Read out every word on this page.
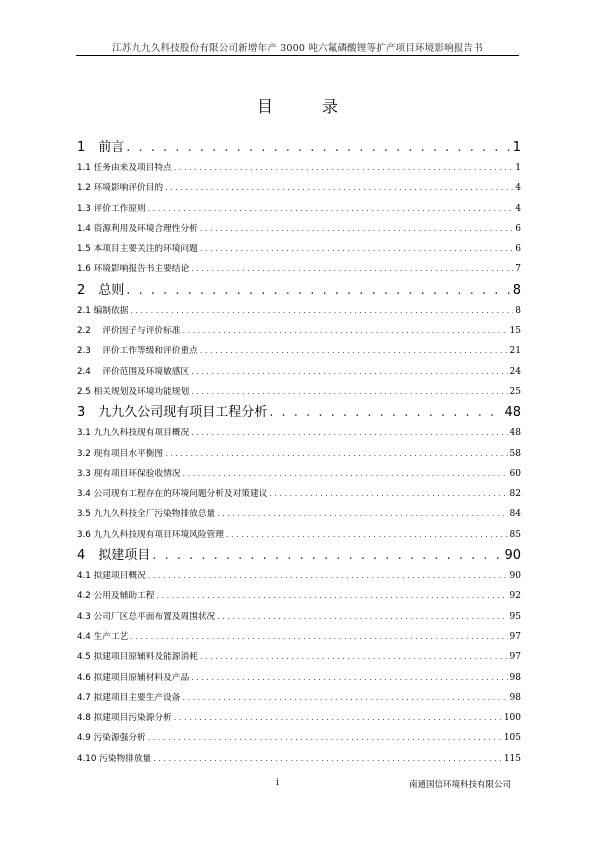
江苏九九久科技股份有限公司新增年产 3000 吨六氟磷酸锂等扩产项目环境影响报告书
目 录
1　前言 . . .	1
1.1 任务由来及项目特点 . . .	1
1.2 环境影响评价目的 . . .	4
1.3 评价工作原则 . . .	4
1.4 资源利用及环境合理性分析 . . .	6
1.5 本项目主要关注的环境问题 . . .	6
1.6 环境影响报告书主要结论 . . .	7
2　总则 . . .	8
2.1 编制依据 . . .	8
2.2　 评价因子与评价标准 . . .	15
2.3　 评价工作等级和评价重点 . . .	21
2.4　 评价范围及环境敏感区 . . .	24
2.5 相关规划及环境功能规划 . . .	25
3　九九久公司现有项目工程分析 . . .	48
3.1 九九久科技现有项目概况 . . .	48
3.2 现有项目水平衡图 . . .	58
3.3 现有项目环保验收情况 . . .	60
3.4 公司现有工程存在的环境问题分析及对策建议 . . .	82
3.5 九九久科技全厂污染物排放总量 . . .	84
3.6 九九久科技现有项目环境风险管理 . . .	85
4　拟建项目 . . .	90
4.1 拟建项目概况 . . .	90
4.2 公用及辅助工程 . . .	92
4.3 公司厂区总平面布置及周围状况 . . .	95
4.4 生产工艺 . . .	97
4.5 拟建项目原辅料及能源消耗 . . .	97
4.6 拟建项目原辅材料及产品 . . .	98
4.7 拟建项目主要生产设备 . . .	98
4.8 拟建项目污染源分析 . . .	100
4.9 污染源强分析 . . .	105
4.10 污染物排放量 . . .	115
i	南通国信环境科技有限公司
